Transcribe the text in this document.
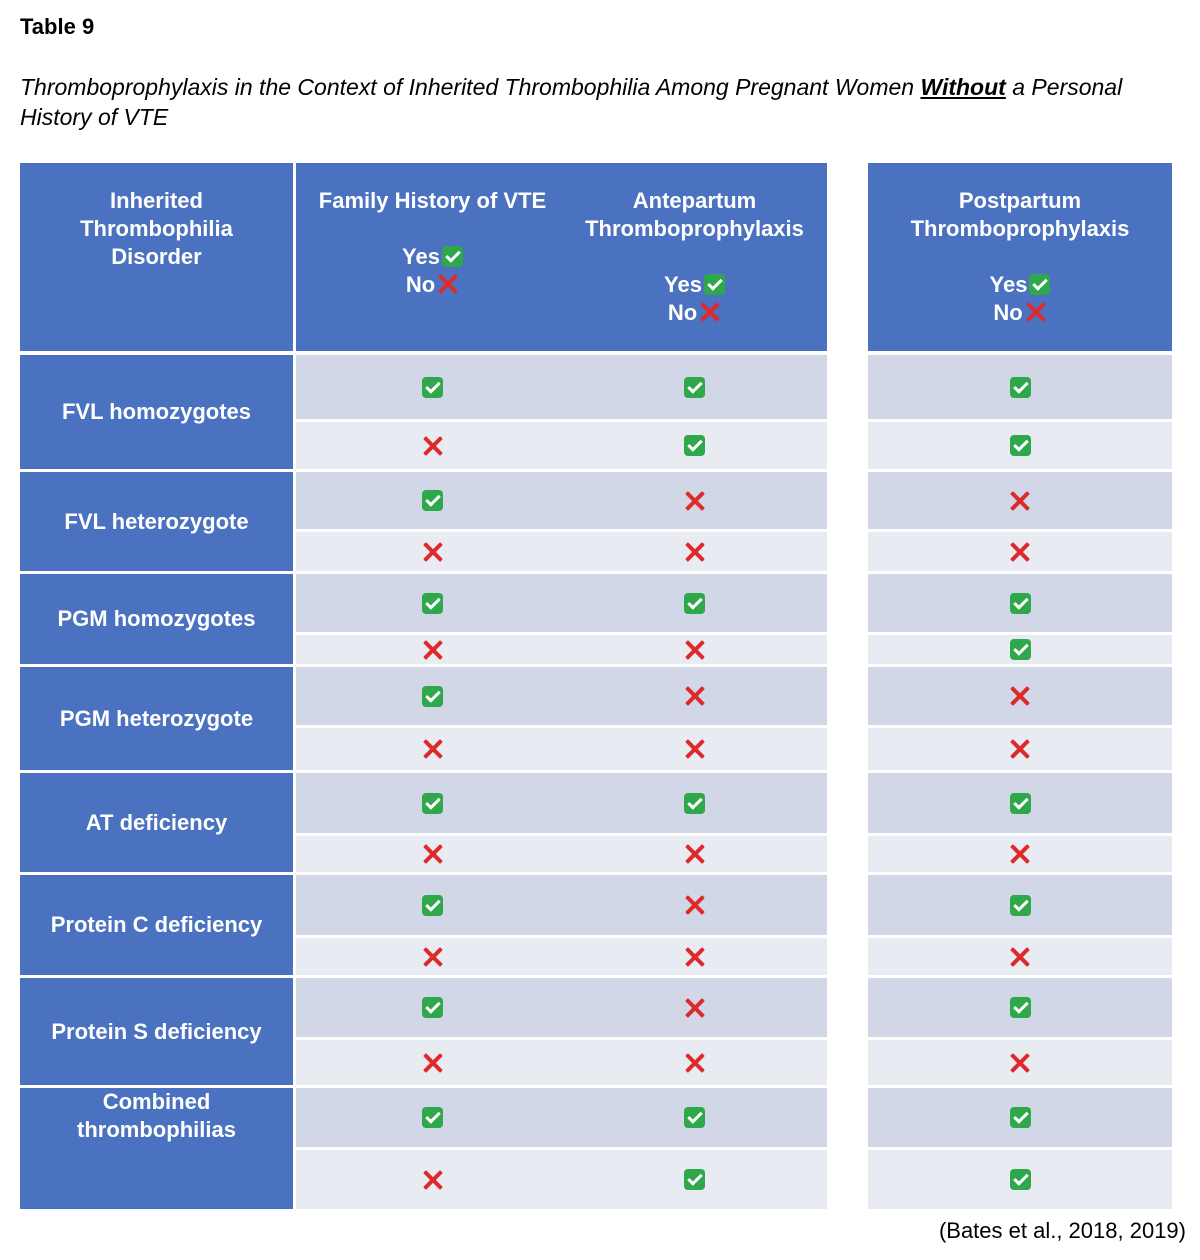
Table 9
Thromboprophylaxis in the Context of Inherited Thrombophilia Among Pregnant Women Without a Personal History of VTE
Inherited Thrombophilia Disorder
Family History of VTE
Yes
No
Antepartum Thromboprophylaxis
Yes
No
Postpartum Thromboprophylaxis
Yes
No
FVL homozygotes
FVL heterozygote
PGM homozygotes
PGM heterozygote
AT deficiency
Protein C deficiency
Protein S deficiency
Combined thrombophilias
(Bates et al., 2018, 2019)
